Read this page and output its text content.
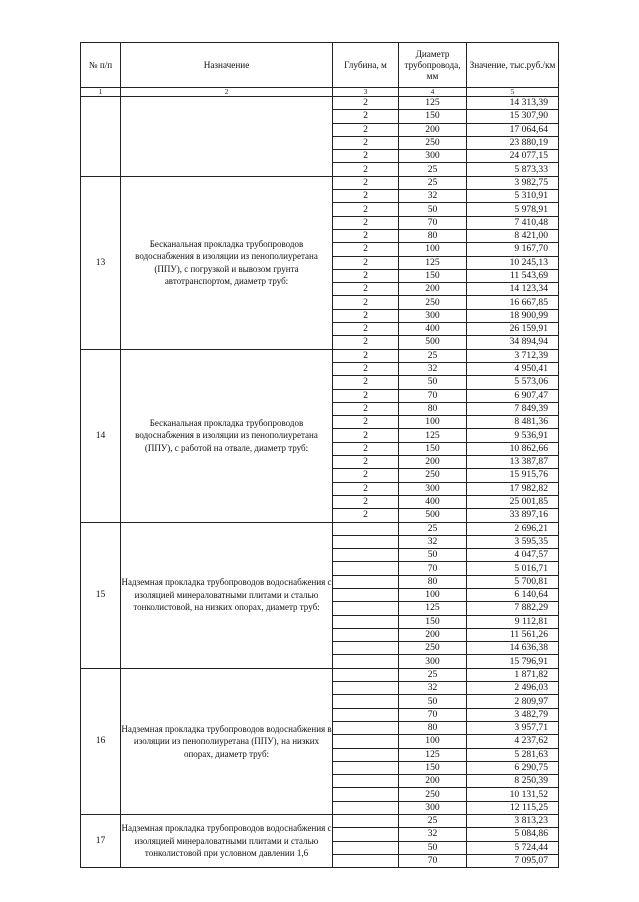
№ п/п	Назначение	Глубина, м	Диаметр трубопровода, мм	Значение, тыс.руб./км
1	2	3	4	5
		2	125	14 313,39
		2	150	15 307,90
		2	200	17 064,64
		2	250	23 880,19
		2	300	24 077,15
		2	25	5 873,33
13	Бесканальная прокладка трубопроводов водоснабжения в изоляции из пенополиуретана (ППУ), с погрузкой и вывозом грунта автотранспортом, диаметр труб:	2	25	3 982,75
		2	32	5 310,91
		2	50	5 978,91
		2	70	7 410,48
		2	80	8 421,00
		2	100	9 167,70
		2	125	10 245,13
		2	150	11 543,69
		2	200	14 123,34
		2	250	16 667,85
		2	300	18 900,99
		2	400	26 159,91
		2	500	34 894,94
14	Бесканальная прокладка трубопроводов водоснабжения в изоляции из пенополиуретана (ППУ), с работой на отвале, диаметр труб:	2	25	3 712,39
		2	32	4 950,41
		2	50	5 573,06
		2	70	6 907,47
		2	80	7 849,39
		2	100	8 481,36
		2	125	9 536,91
		2	150	10 862,66
		2	200	13 387,87
		2	250	15 915,76
		2	300	17 982,82
		2	400	25 001,85
		2	500	33 897,16
15	Надземная прокладка трубопроводов водоснабжения с изоляцией минераловатными плитами и сталью тонколистовой, на низких опорах, диаметр труб:		25	2 696,21
			32	3 595,35
			50	4 047,57
			70	5 016,71
			80	5 700,81
			100	6 140,64
			125	7 882,29
			150	9 112,81
			200	11 561,26
			250	14 636,38
			300	15 796,91
16	Надземная прокладка трубопроводов водоснабжения в изоляции из пенополиуретана (ППУ), на низких опорах, диаметр труб:		25	1 871,82
			32	2 496,03
			50	2 809,97
			70	3 482,79
			80	3 957,71
			100	4 237,62
			125	5 281,63
			150	6 290,75
			200	8 250,39
			250	10 131,52
			300	12 115,25
17	Надземная прокладка трубопроводов водоснабжения с изоляцией минераловатными плитами и сталью тонколистовой при условном давлении 1,6		25	3 813,23
			32	5 084,86
			50	5 724,44
			70	7 095,07
